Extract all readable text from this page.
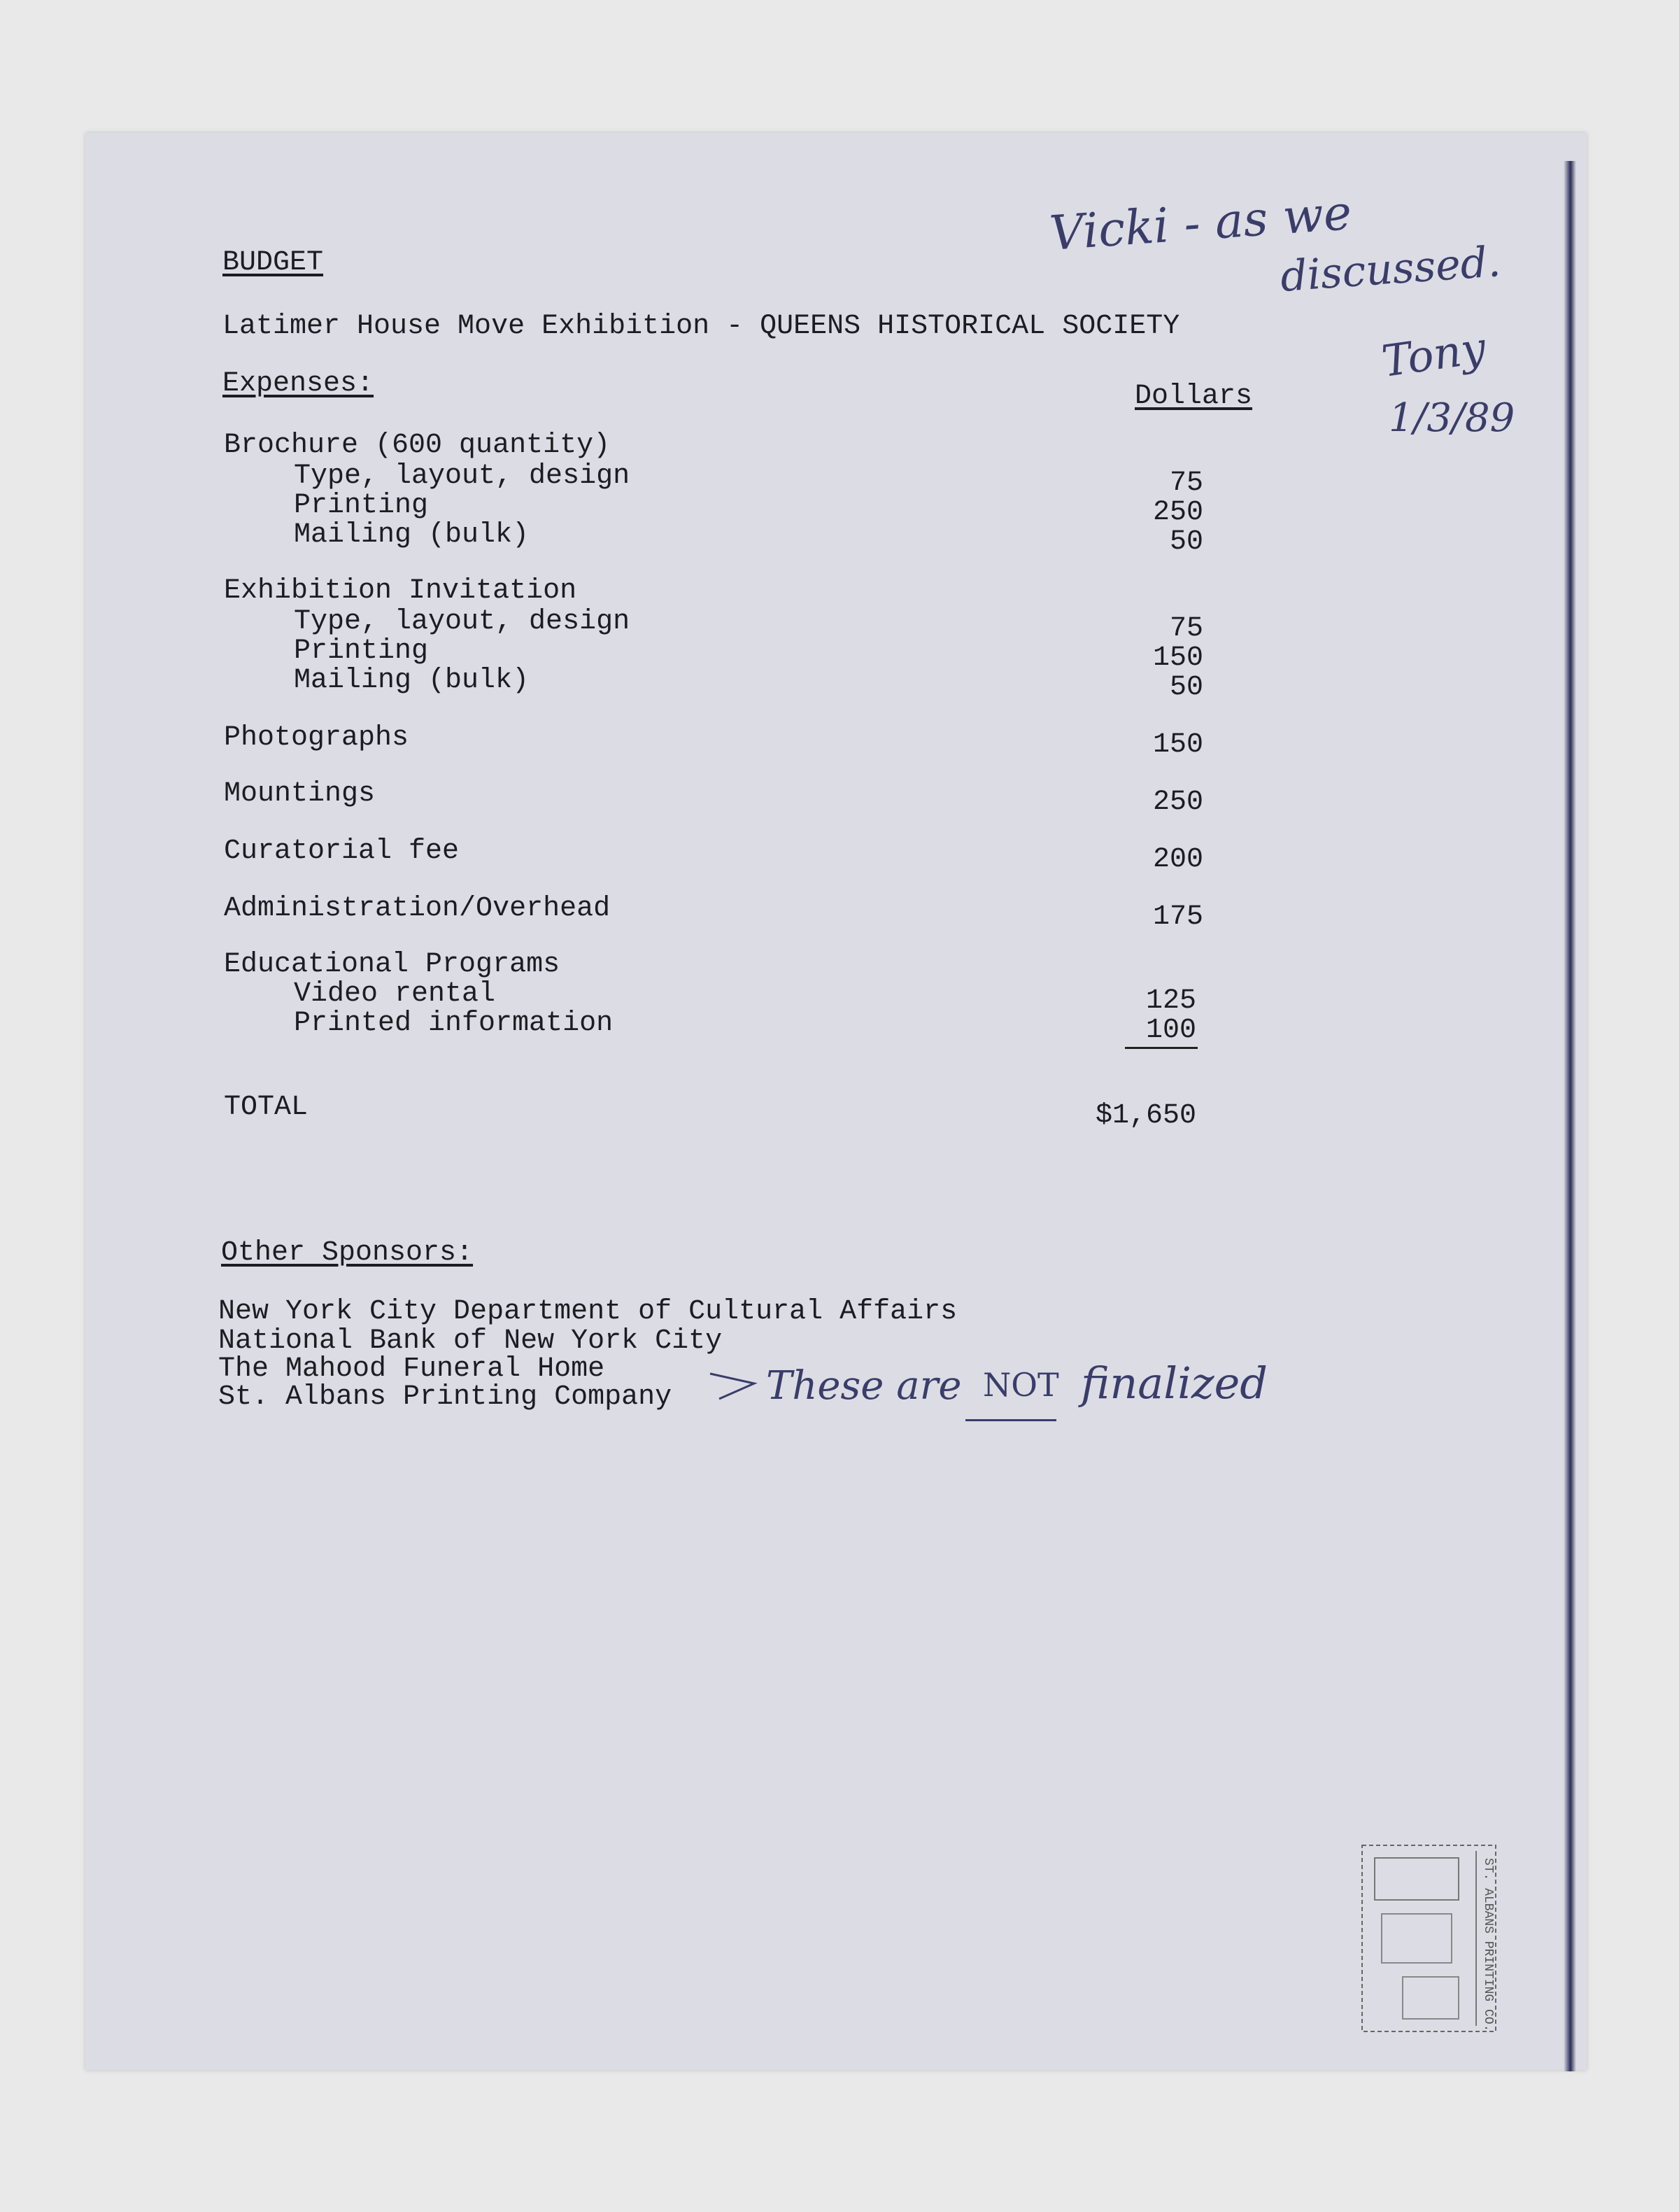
BUDGET
Latimer House Move Exhibition - QUEENS HISTORICAL SOCIETY
Expenses:	Dollars
Brochure (600 quantity)
Type, layout, design	75
Printing	250
Mailing (bulk)	50
Exhibition Invitation
Type, layout, design	75
Printing	150
Mailing (bulk)	50
Photographs	150
Mountings	250
Curatorial fee	200
Administration/Overhead	175
Educational Programs
Video rental	125
Printed information	100
TOTAL	$1,650
Other Sponsors:
New York City Department of Cultural Affairs
National Bank of New York City
The Mahood Funeral Home
St. Albans Printing Company
Vicki - as we
discussed.
Tony
1/3/89
These are NOT finalized
ST. ALBANS PRINTING CO.
